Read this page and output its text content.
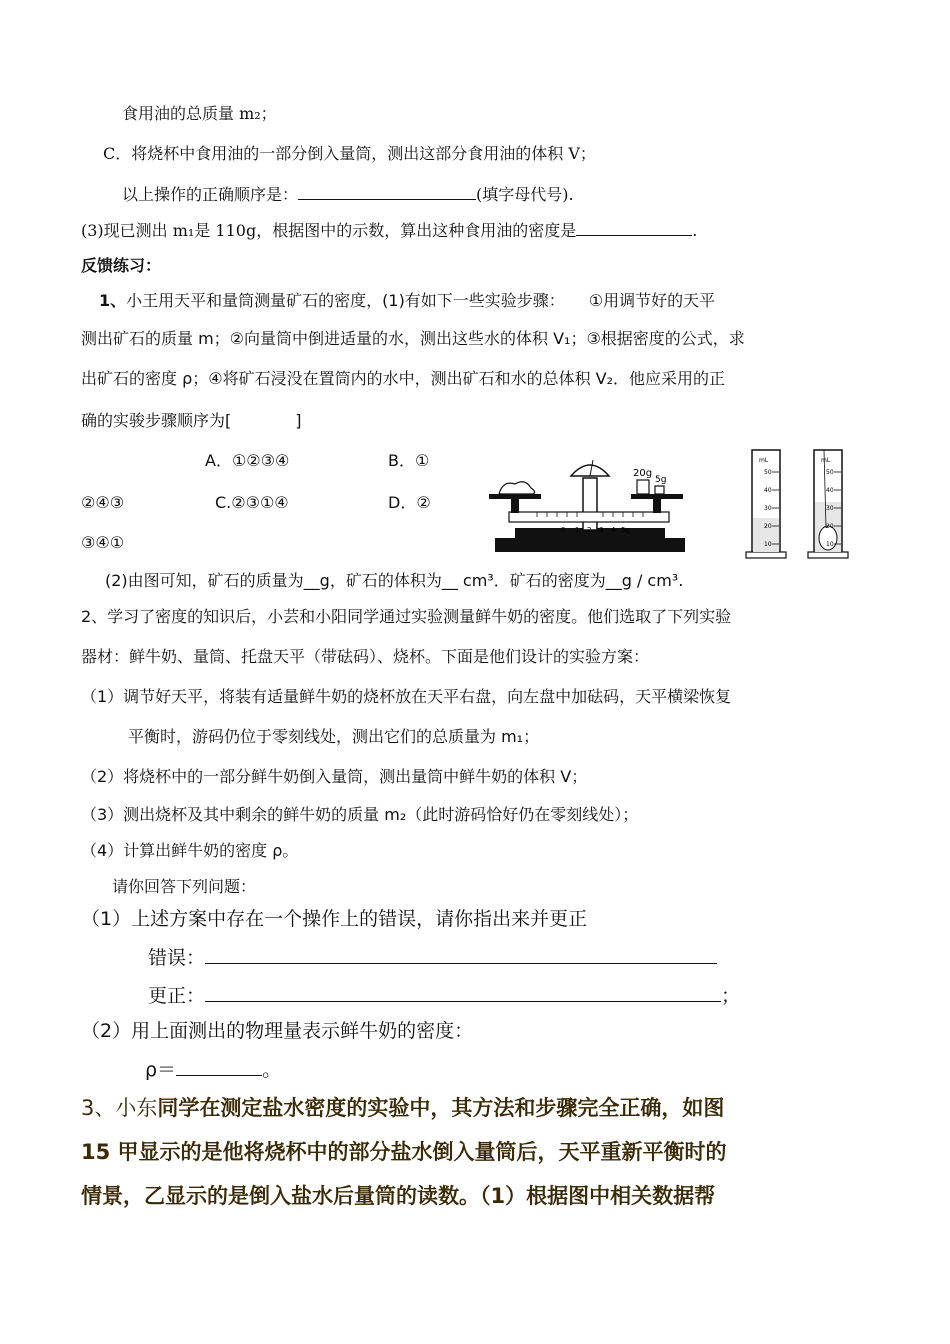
食用油的总质量 m₂；
C．将烧杯中食用油的一部分倒入量筒，测出这部分食用油的体积 V；
以上操作的正确顺序是：	(填字母代号).
(3)现已测出 m₁是 110g，根据图中的示数，算出这种食用油的密度是	.
反馈练习：
1、小王用天平和量筒测量矿石的密度，(1)有如下一些实验步骤：　　①用调节好的天平
测出矿石的质量 m；②向量筒中倒进适量的水，测出这些水的体积 V₁；③根据密度的公式，求
出矿石的密度 ρ；④将矿石浸没在置筒内的水中，测出矿石和水的总体积 V₂．他应采用的正
确的实骏步骤顺序为[　　　　]
A．①②③④	B．①
②④③	C.②③①④	D．②
③④①
0 1 2 3 4 5g
20g
5g
mL
50
40
30
20
10
mL
50
40
30
20
10
(2)由图可知，矿石的质量为__g，矿石的体积为__ cm³．矿石的密度为__g / cm³.
2、学习了密度的知识后，小芸和小阳同学通过实验测量鲜牛奶的密度。他们选取了下列实验
器材：鲜牛奶、量筒、托盘天平（带砝码）、烧杯。下面是他们设计的实验方案：
（1）调节好天平，将装有适量鲜牛奶的烧杯放在天平右盘，向左盘中加砝码，天平横梁恢复
平衡时，游码仍位于零刻线处，测出它们的总质量为 m₁；
（2）将烧杯中的一部分鲜牛奶倒入量筒，测出量筒中鲜牛奶的体积 V；
（3）测出烧杯及其中剩余的鲜牛奶的质量 m₂（此时游码恰好仍在零刻线处）；
（4）计算出鲜牛奶的密度 ρ。
请你回答下列问题：
（1）上述方案中存在一个操作上的错误，请你指出来并更正
错误：
更正：	；
（2）用上面测出的物理量表示鲜牛奶的密度：
ρ＝	。
3、小东同学在测定盐水密度的实验中，其方法和步骤完全正确，如图
15 甲显示的是他将烧杯中的部分盐水倒入量筒后，天平重新平衡时的
情景，乙显示的是倒入盐水后量筒的读数。（1）根据图中相关数据帮
